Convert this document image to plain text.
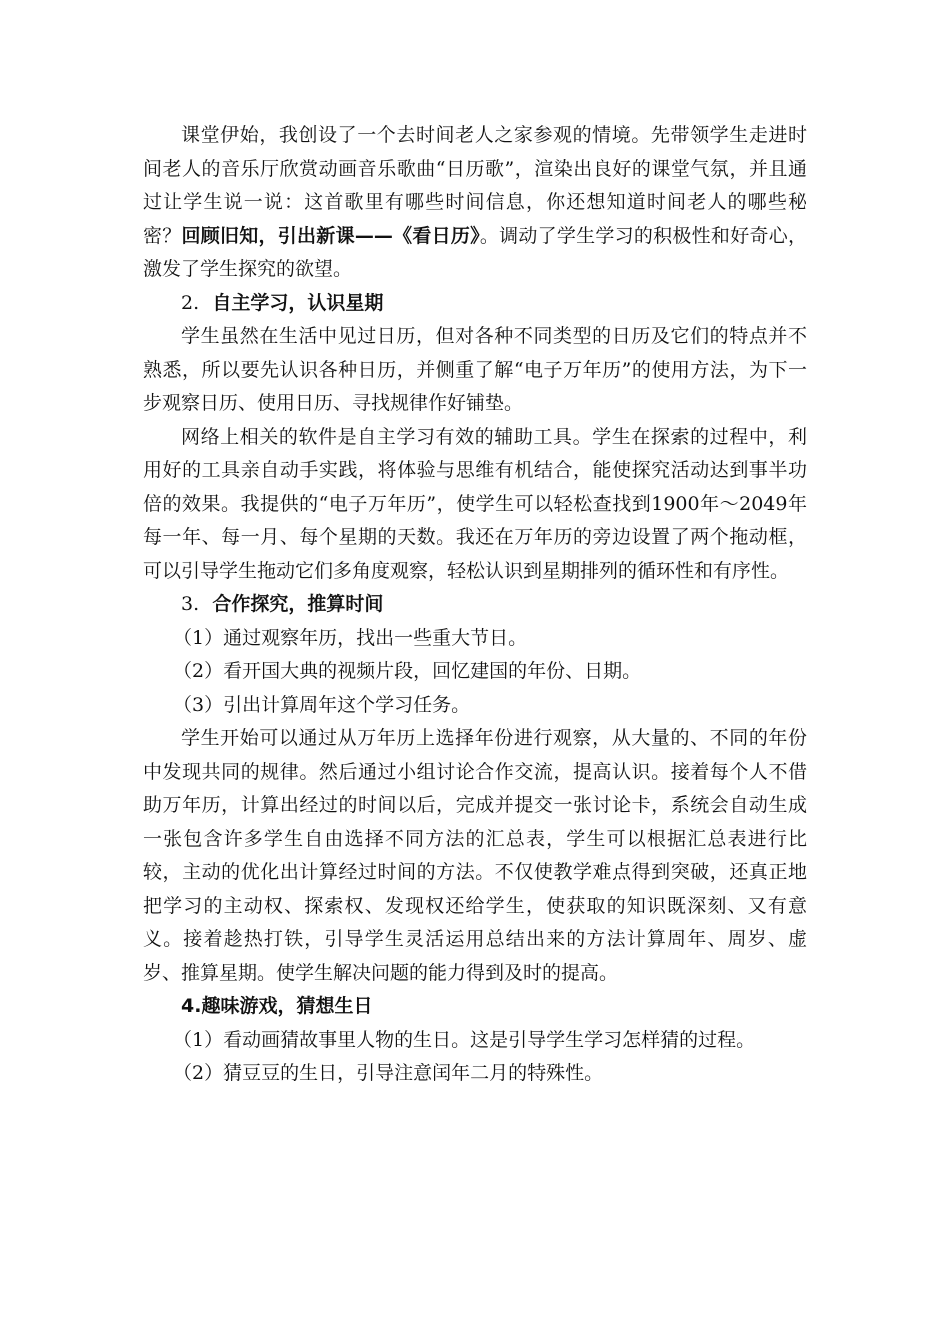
课堂伊始，我创设了一个去时间老人之家参观的情境。先带领学生走进时间老人的音乐厅欣赏动画音乐歌曲“日历歌”，渲染出良好的课堂气氛，并且通过让学生说一说：这首歌里有哪些时间信息，你还想知道时间老人的哪些秘密？回顾旧知，引出新课——《看日历》。调动了学生学习的积极性和好奇心，激发了学生探究的欲望。

2. 自主学习，认识星期

学生虽然在生活中见过日历，但对各种不同类型的日历及它们的特点并不熟悉，所以要先认识各种日历，并侧重了解“电子万年历”的使用方法，为下一步观察日历、使用日历、寻找规律作好铺垫。

网络上相关的软件是自主学习有效的辅助工具。学生在探索的过程中，利用好的工具亲自动手实践，将体验与思维有机结合，能使探究活动达到事半功倍的效果。我提供的“电子万年历”，使学生可以轻松查找到1900年～2049年每一年、每一月、每个星期的天数。我还在万年历的旁边设置了两个拖动框，可以引导学生拖动它们多角度观察，轻松认识到星期排列的循环性和有序性。

3. 合作探究，推算时间

（1）通过观察年历，找出一些重大节日。

（2）看开国大典的视频片段，回忆建国的年份、日期。

（3）引出计算周年这个学习任务。

学生开始可以通过从万年历上选择年份进行观察，从大量的、不同的年份中发现共同的规律。然后通过小组讨论合作交流，提高认识。接着每个人不借助万年历，计算出经过的时间以后，完成并提交一张讨论卡，系统会自动生成一张包含许多学生自由选择不同方法的汇总表，学生可以根据汇总表进行比较，主动的优化出计算经过时间的方法。不仅使教学难点得到突破，还真正地把学习的主动权、探索权、发现权还给学生，使获取的知识既深刻、又有意义。接着趁热打铁，引导学生灵活运用总结出来的方法计算周年、周岁、虚岁、推算星期。使学生解决问题的能力得到及时的提高。

4.趣味游戏，猜想生日

（1）看动画猜故事里人物的生日。这是引导学生学习怎样猜的过程。

（2）猜豆豆的生日，引导注意闰年二月的特殊性。
